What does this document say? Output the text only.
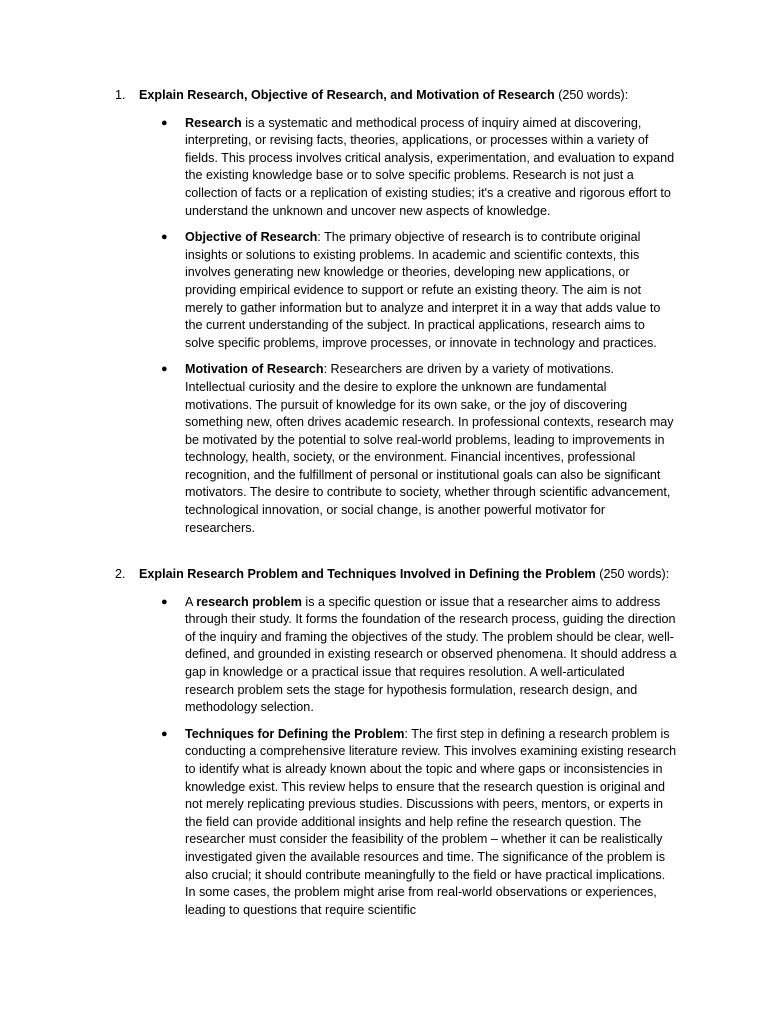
1. Explain Research, Objective of Research, and Motivation of Research (250 words):

● Research is a systematic and methodical process of inquiry aimed at discovering, interpreting, or revising facts, theories, applications, or processes within a variety of fields. This process involves critical analysis, experimentation, and evaluation to expand the existing knowledge base or to solve specific problems. Research is not just a collection of facts or a replication of existing studies; it's a creative and rigorous effort to understand the unknown and uncover new aspects of knowledge.

● Objective of Research: The primary objective of research is to contribute original insights or solutions to existing problems. In academic and scientific contexts, this involves generating new knowledge or theories, developing new applications, or providing empirical evidence to support or refute an existing theory. The aim is not merely to gather information but to analyze and interpret it in a way that adds value to the current understanding of the subject. In practical applications, research aims to solve specific problems, improve processes, or innovate in technology and practices.

● Motivation of Research: Researchers are driven by a variety of motivations. Intellectual curiosity and the desire to explore the unknown are fundamental motivations. The pursuit of knowledge for its own sake, or the joy of discovering something new, often drives academic research. In professional contexts, research may be motivated by the potential to solve real-world problems, leading to improvements in technology, health, society, or the environment. Financial incentives, professional recognition, and the fulfillment of personal or institutional goals can also be significant motivators. The desire to contribute to society, whether through scientific advancement, technological innovation, or social change, is another powerful motivator for researchers.

2. Explain Research Problem and Techniques Involved in Defining the Problem (250 words):

● A research problem is a specific question or issue that a researcher aims to address through their study. It forms the foundation of the research process, guiding the direction of the inquiry and framing the objectives of the study. The problem should be clear, well-defined, and grounded in existing research or observed phenomena. It should address a gap in knowledge or a practical issue that requires resolution. A well-articulated research problem sets the stage for hypothesis formulation, research design, and methodology selection.

● Techniques for Defining the Problem: The first step in defining a research problem is conducting a comprehensive literature review. This involves examining existing research to identify what is already known about the topic and where gaps or inconsistencies in knowledge exist. This review helps to ensure that the research question is original and not merely replicating previous studies. Discussions with peers, mentors, or experts in the field can provide additional insights and help refine the research question. The researcher must consider the feasibility of the problem – whether it can be realistically investigated given the available resources and time. The significance of the problem is also crucial; it should contribute meaningfully to the field or have practical implications. In some cases, the problem might arise from real-world observations or experiences, leading to questions that require scientific
